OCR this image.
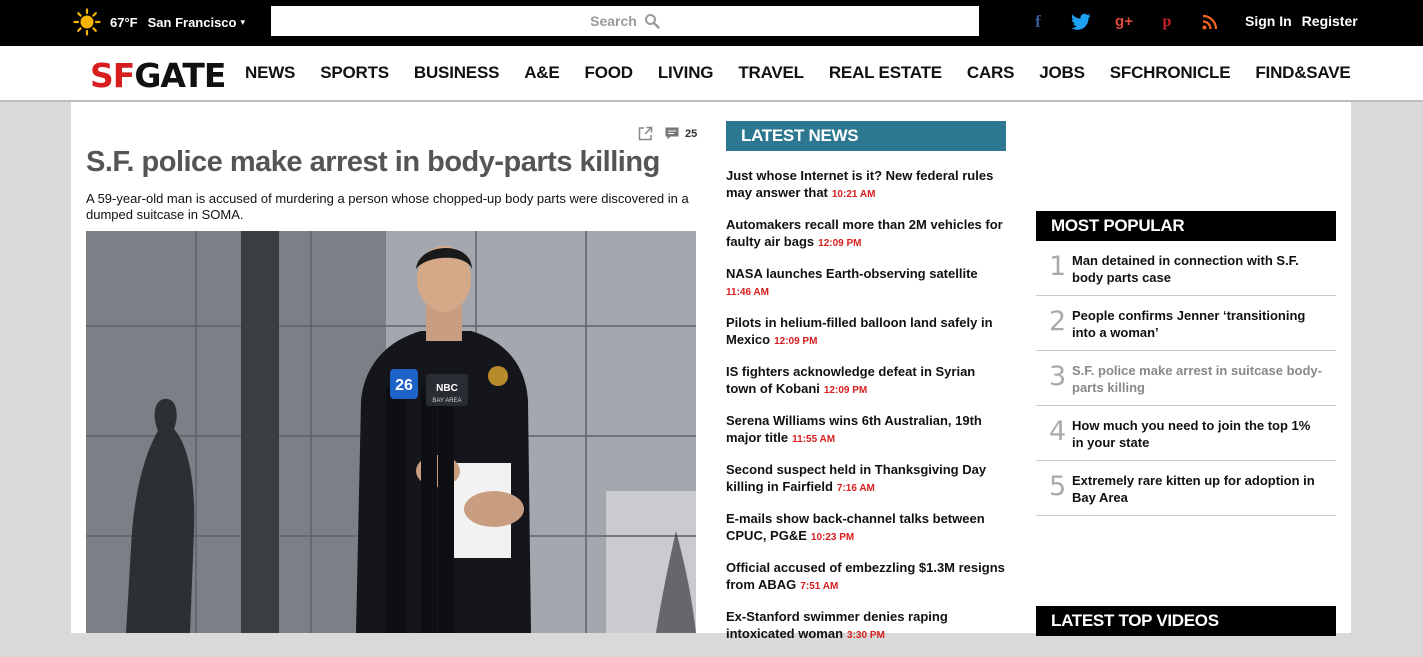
67°F San Francisco ▾	Search	f	g+	p	Sign In Register
SFGATE NEWS SPORTS BUSINESS A&E FOOD LIVING TRAVEL REAL ESTATE CARS JOBS SFCHRONICLE FIND&SAVE
25
S.F. police make arrest in body-parts killing
A 59-year-old man is accused of murdering a person whose chopped-up body parts were discovered in a dumped suitcase in SOMA.
26 NBC
BAY AREA
LATEST NEWS
Just whose Internet is it? New federal rules may answer that 10:21 AM
Automakers recall more than 2M vehicles for faulty air bags 12:09 PM
NASA launches Earth-observing satellite
11:46 AM
Pilots in helium-filled balloon land safely in Mexico 12:09 PM
IS fighters acknowledge defeat in Syrian town of Kobani 12:09 PM
Serena Williams wins 6th Australian, 19th major title 11:55 AM
Second suspect held in Thanksgiving Day killing in Fairfield 7:16 AM
E-mails show back-channel talks between CPUC, PG&E 10:23 PM
Official accused of embezzling $1.3M resigns from ABAG 7:51 AM
Ex-Stanford swimmer denies raping intoxicated woman 3:30 PM
MOST POPULAR
1 Man detained in connection with S.F. body parts case
2 People confirms Jenner ‘transitioning into a woman’
3 S.F. police make arrest in suitcase body-parts killing
4 How much you need to join the top 1% in your state
5 Extremely rare kitten up for adoption in Bay Area
LATEST TOP VIDEOS
